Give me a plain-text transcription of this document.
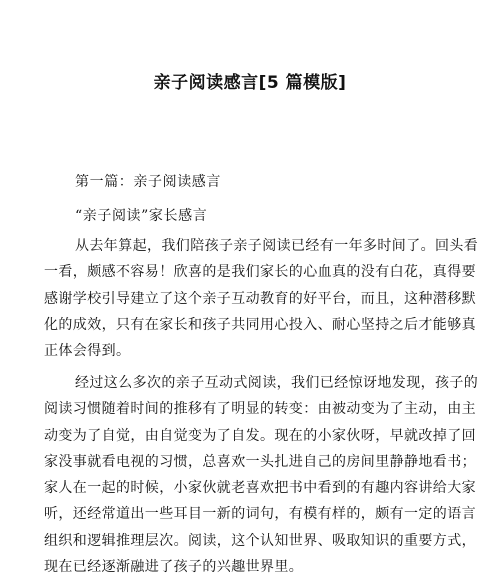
亲子阅读感言[5 篇模版]
第一篇：亲子阅读感言
“亲子阅读”家长感言
从去年算起，我们陪孩子亲子阅读已经有一年多时间了。回头看
一看，颇感不容易！欣喜的是我们家长的心血真的没有白花，真得要
感谢学校引导建立了这个亲子互动教育的好平台，而且，这种潜移默
化的成效，只有在家长和孩子共同用心投入、耐心坚持之后才能够真
正体会得到。
经过这么多次的亲子互动式阅读，我们已经惊讶地发现，孩子的
阅读习惯随着时间的推移有了明显的转变：由被动变为了主动，由主
动变为了自觉，由自觉变为了自发。现在的小家伙呀，早就改掉了回
家没事就看电视的习惯，总喜欢一头扎进自己的房间里静静地看书；
家人在一起的时候，小家伙就老喜欢把书中看到的有趣内容讲给大家
听，还经常道出一些耳目一新的词句，有模有样的，颇有一定的语言
组织和逻辑推理层次。阅读，这个认知世界、吸取知识的重要方式，
现在已经逐渐融进了孩子的兴趣世界里。
